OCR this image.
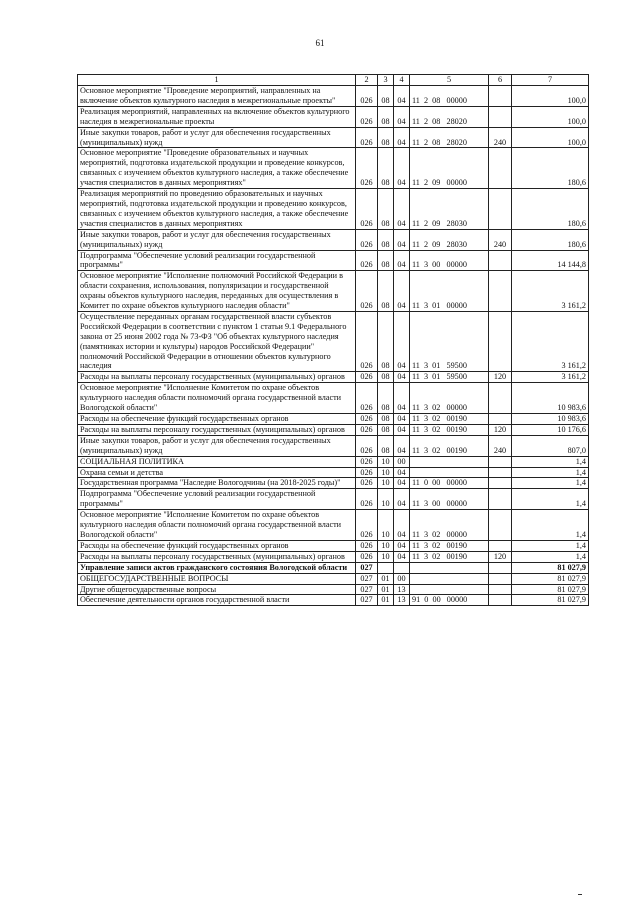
61
1	2	3	4	5	6	7
Основное мероприятие "Проведение мероприятий, направленных на включение объектов культурного наследия в межрегиональные проекты"	026	08	04	11  2  08   00000		100,0
Реализация мероприятий, направленных на включение объектов культурного наследия в межрегиональные проекты	026	08	04	11  2  08   28020		100,0
Иные закупки товаров, работ и услуг для обеспечения государственных (муниципальных) нужд	026	08	04	11  2  08   28020	240	100,0
Основное мероприятие "Проведение образовательных и научных мероприятий, подготовка издательской продукции и проведение конкурсов, связанных с изучением объектов культурного наследия, а также обеспечение участия специалистов в данных мероприятиях"	026	08	04	11  2  09   00000		180,6
Реализация мероприятий по проведению образовательных и научных мероприятий, подготовка издательской продукции и проведению конкурсов, связанных с изучением объектов культурного наследия, а также обеспечение участия специалистов в данных мероприятиях	026	08	04	11  2  09   28030		180,6
Иные закупки товаров, работ и услуг для обеспечения государственных (муниципальных) нужд	026	08	04	11  2  09   28030	240	180,6
Подпрограмма "Обеспечение условий реализации государственной программы"	026	08	04	11  3  00   00000		14 144,8
Основное мероприятие "Исполнение полномочий Российской Федерации в области сохранения, использования, популяризации и государственной охраны объектов культурного наследия, переданных для осуществления в Комитет по охране объектов культурного наследия области"	026	08	04	11  3  01   00000		3 161,2
Осуществление переданных органам государственной власти субъектов Российской Федерации в соответствии с пунктом 1 статьи 9.1 Федерального закона от 25 июня 2002 года № 73-ФЗ "Об объектах культурного наследия (памятниках истории и культуры) народов Российской Федерации" полномочий Российской Федерации в отношении объектов культурного наследия	026	08	04	11  3  01   59500		3 161,2
Расходы на выплаты персоналу государственных (муниципальных) органов	026	08	04	11  3  01   59500	120	3 161,2
Основное мероприятие "Исполнение Комитетом по охране объектов культурного наследия области полномочий органа государственной власти Вологодской области"	026	08	04	11  3  02   00000		10 983,6
Расходы на обеспечение функций государственных органов	026	08	04	11  3  02   00190		10 983,6
Расходы на выплаты персоналу государственных (муниципальных) органов	026	08	04	11  3  02   00190	120	10 176,6
Иные закупки товаров, работ и услуг для обеспечения государственных (муниципальных) нужд	026	08	04	11  3  02   00190	240	807,0
СОЦИАЛЬНАЯ ПОЛИТИКА	026	10	00			1,4
Охрана семьи и детства	026	10	04			1,4
Государственная программа "Наследие Вологодчины (на 2018-2025 годы)"	026	10	04	11  0  00   00000		1,4
Подпрограмма "Обеспечение условий реализации государственной программы"	026	10	04	11  3  00   00000		1,4
Основное мероприятие "Исполнение Комитетом по охране объектов культурного наследия области полномочий органа государственной власти Вологодской области"	026	10	04	11  3  02   00000		1,4
Расходы на обеспечение функций государственных органов	026	10	04	11  3  02   00190		1,4
Расходы на выплаты персоналу государственных (муниципальных) органов	026	10	04	11  3  02   00190	120	1,4
Управление записи актов гражданского состояния Вологодской области	027					81 027,9
ОБЩЕГОСУДАРСТВЕННЫЕ ВОПРОСЫ	027	01	00			81 027,9
Другие общегосударственные вопросы	027	01	13			81 027,9
Обеспечение деятельности органов государственной власти	027	01	13	91  0  00   00000		81 027,9
